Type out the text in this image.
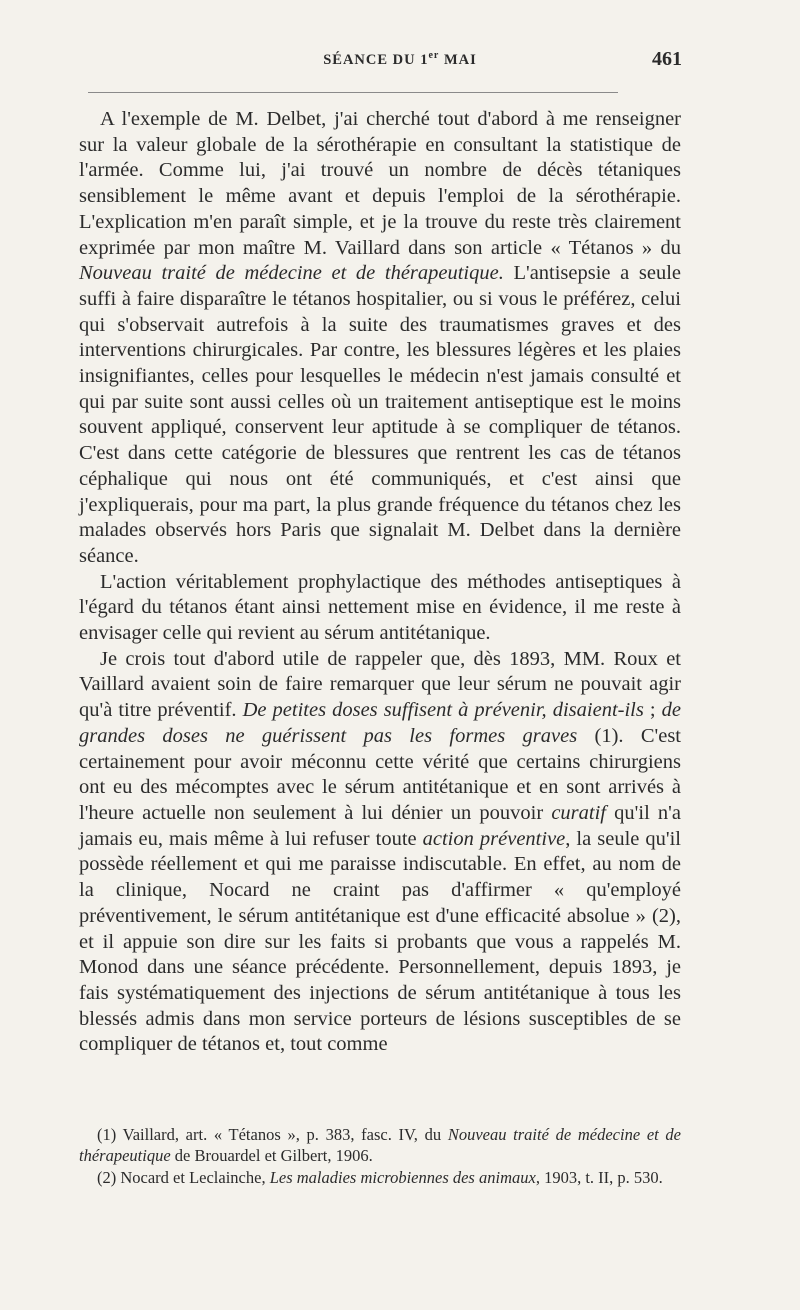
SÉANCE DU 1er MAI	461

A l'exemple de M. Delbet, j'ai cherché tout d'abord à me renseigner sur la valeur globale de la sérothérapie en consultant la statistique de l'armée. Comme lui, j'ai trouvé un nombre de décès tétaniques sensiblement le même avant et depuis l'emploi de la sérothérapie. L'explication m'en paraît simple, et je la trouve du reste très clairement exprimée par mon maître M. Vaillard dans son article « Tétanos » du Nouveau traité de médecine et de thérapeutique. L'antisepsie a seule suffi à faire disparaître le tétanos hospitalier, ou si vous le préférez, celui qui s'observait autrefois à la suite des traumatismes graves et des interventions chirurgicales. Par contre, les blessures légères et les plaies insignifiantes, celles pour lesquelles le médecin n'est jamais consulté et qui par suite sont aussi celles où un traitement antiseptique est le moins souvent appliqué, conservent leur aptitude à se compliquer de tétanos. C'est dans cette catégorie de blessures que rentrent les cas de tétanos céphalique qui nous ont été communiqués, et c'est ainsi que j'expliquerais, pour ma part, la plus grande fréquence du tétanos chez les malades observés hors Paris que signalait M. Delbet dans la dernière séance.

L'action véritablement prophylactique des méthodes antiseptiques à l'égard du tétanos étant ainsi nettement mise en évidence, il me reste à envisager celle qui revient au sérum antitétanique.

Je crois tout d'abord utile de rappeler que, dès 1893, MM. Roux et Vaillard avaient soin de faire remarquer que leur sérum ne pouvait agir qu'à titre préventif. De petites doses suffisent à prévenir, disaient-ils ; de grandes doses ne guérissent pas les formes graves (1). C'est certainement pour avoir méconnu cette vérité que certains chirurgiens ont eu des mécomptes avec le sérum antitétanique et en sont arrivés à l'heure actuelle non seulement à lui dénier un pouvoir curatif qu'il n'a jamais eu, mais même à lui refuser toute action préventive, la seule qu'il possède réellement et qui me paraisse indiscutable. En effet, au nom de la clinique, Nocard ne craint pas d'affirmer « qu'employé préventivement, le sérum antitétanique est d'une efficacité absolue » (2), et il appuie son dire sur les faits si probants que vous a rappelés M. Monod dans une séance précédente. Personnellement, depuis 1893, je fais systématiquement des injections de sérum antitétanique à tous les blessés admis dans mon service porteurs de lésions susceptibles de se compliquer de tétanos et, tout comme

(1) Vaillard, art. « Tétanos », p. 383, fasc. IV, du Nouveau traité de médecine et de thérapeutique de Brouardel et Gilbert, 1906.

(2) Nocard et Leclainche, Les maladies microbiennes des animaux, 1903, t. II, p. 530.
